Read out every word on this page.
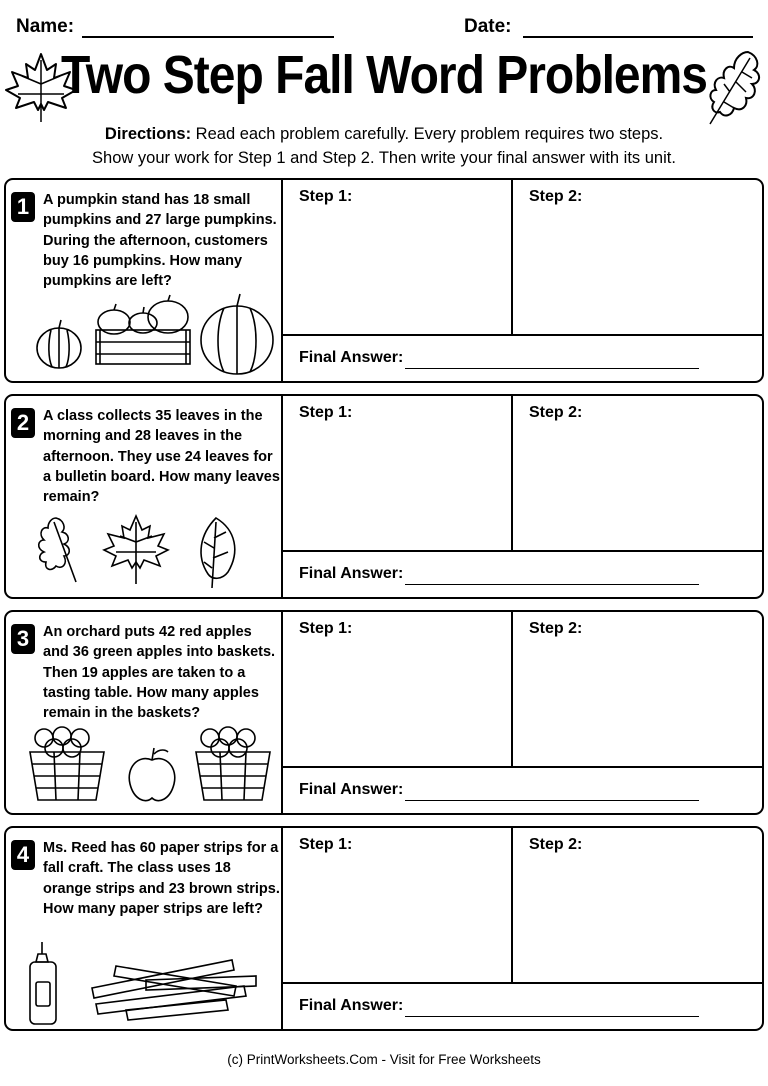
Name:	Date:
Two Step Fall Word Problems
Directions: Read each problem carefully. Every problem requires two steps.
Show your work for Step 1 and Step 2. Then write your final answer with its unit.
1 A pumpkin stand has 18 small pumpkins and 27 large pumpkins. During the afternoon, customers buy 16 pumpkins. How many pumpkins are left?
Step 1:	Step 2:
Final Answer:
2 A class collects 35 leaves in the morning and 28 leaves in the afternoon. They use 24 leaves for a bulletin board. How many leaves remain?
Step 1:	Step 2:
Final Answer:
3 An orchard puts 42 red apples and 36 green apples into baskets. Then 19 apples are taken to a tasting table. How many apples remain in the baskets?
Step 1:	Step 2:
Final Answer:
4 Ms. Reed has 60 paper strips for a fall craft. The class uses 18 orange strips and 23 brown strips. How many paper strips are left?
Step 1:	Step 2:
Final Answer:
(c) PrintWorksheets.Com - Visit for Free Worksheets
